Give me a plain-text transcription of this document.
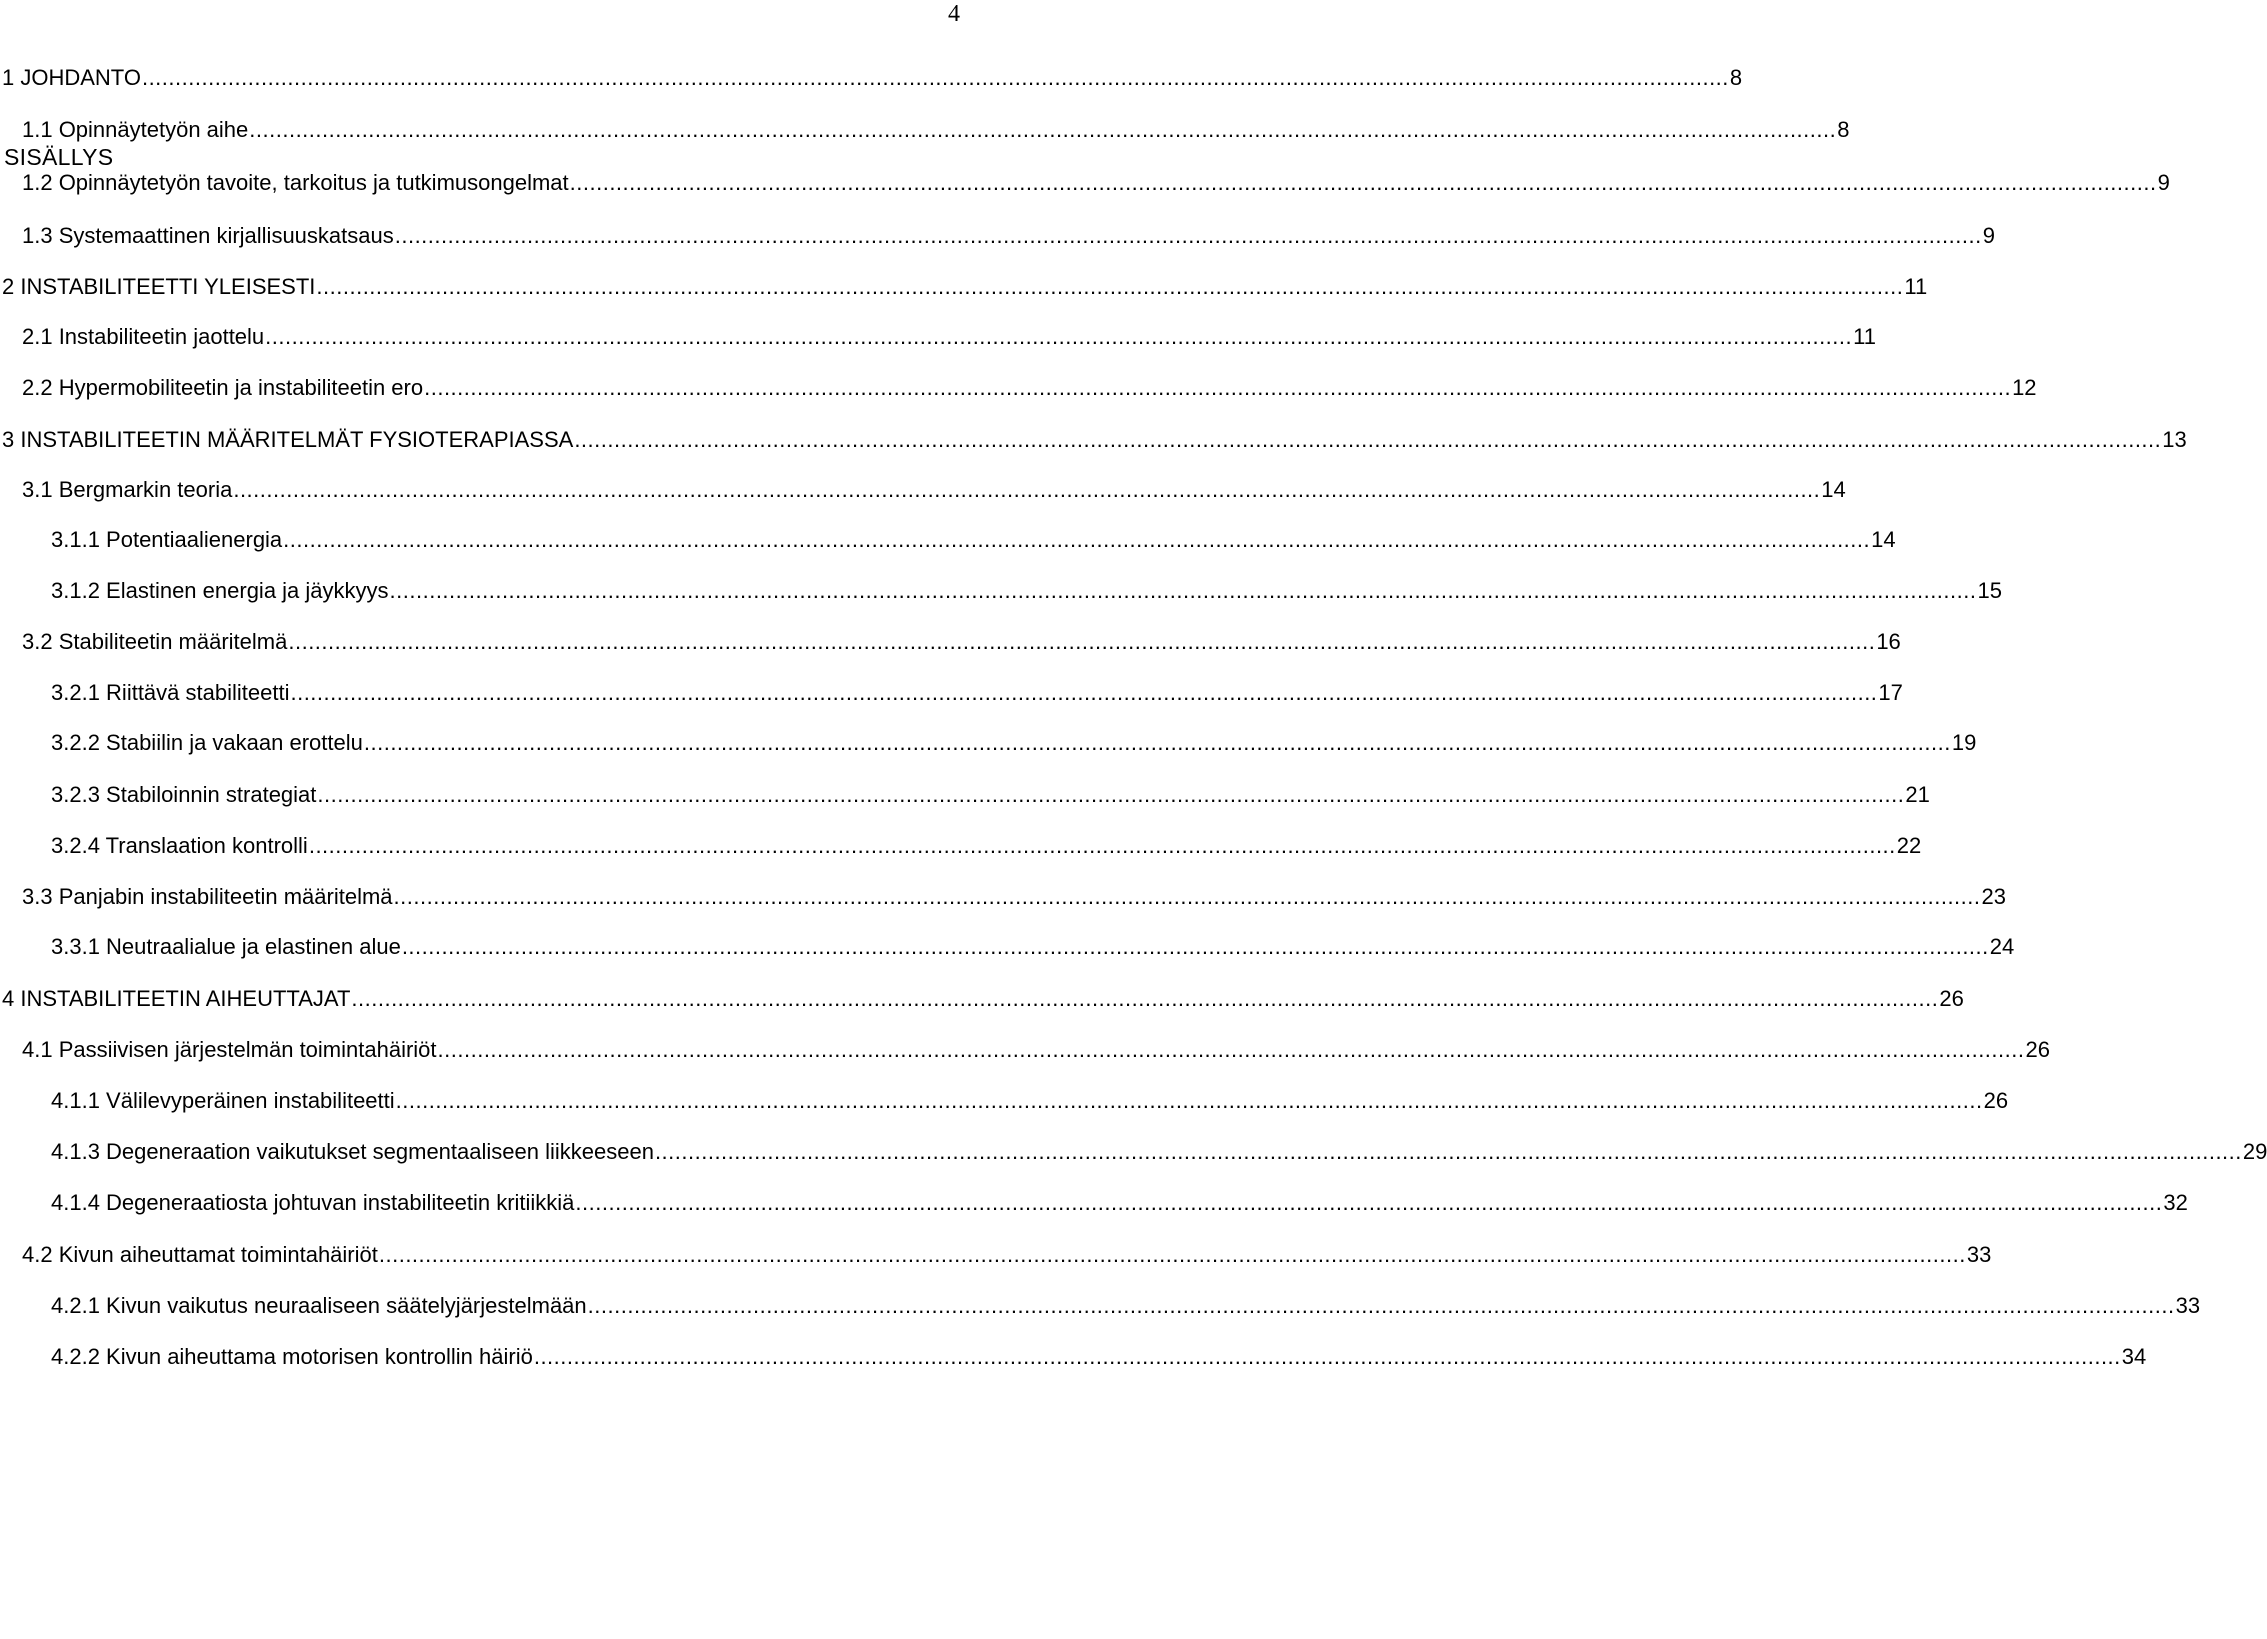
4
SISÄLLYS
1 JOHDANTO .....	8
1.1 Opinnäytetyön aihe .....	8
1.2 Opinnäytetyön tavoite, tarkoitus ja tutkimusongelmat .....	9
1.3 Systemaattinen kirjallisuuskatsaus .....	9
2 INSTABILITEETTI YLEISESTI .....	11
2.1 Instabiliteetin jaottelu .....	11
2.2 Hypermobiliteetin ja instabiliteetin ero .....	12
3 INSTABILITEETIN MÄÄRITELMÄT FYSIOTERAPIASSA .....	13
3.1 Bergmarkin teoria .....	14
3.1.1 Potentiaalienergia .....	14
3.1.2 Elastinen energia ja jäykkyys .....	15
3.2 Stabiliteetin määritelmä .....	16
3.2.1 Riittävä stabiliteetti .....	17
3.2.2 Stabiilin ja vakaan erottelu .....	19
3.2.3 Stabiloinnin strategiat .....	21
3.2.4 Translaation kontrolli .....	22
3.3 Panjabin instabiliteetin määritelmä .....	23
3.3.1 Neutraalialue ja elastinen alue .....	24
4 INSTABILITEETIN AIHEUTTAJAT .....	26
4.1 Passiivisen järjestelmän toimintahäiriöt .....	26
4.1.1 Välilevyperäinen instabiliteetti .....	26
4.1.3 Degeneraation vaikutukset segmentaaliseen liikkeeseen .....	29
4.1.4 Degeneraatiosta johtuvan instabiliteetin kritiikkiä .....	32
4.2 Kivun aiheuttamat toimintahäiriöt .....	33
4.2.1 Kivun vaikutus neuraaliseen säätelyjärjestelmään .....	33
4.2.2 Kivun aiheuttama motorisen kontrollin häiriö .....	34
